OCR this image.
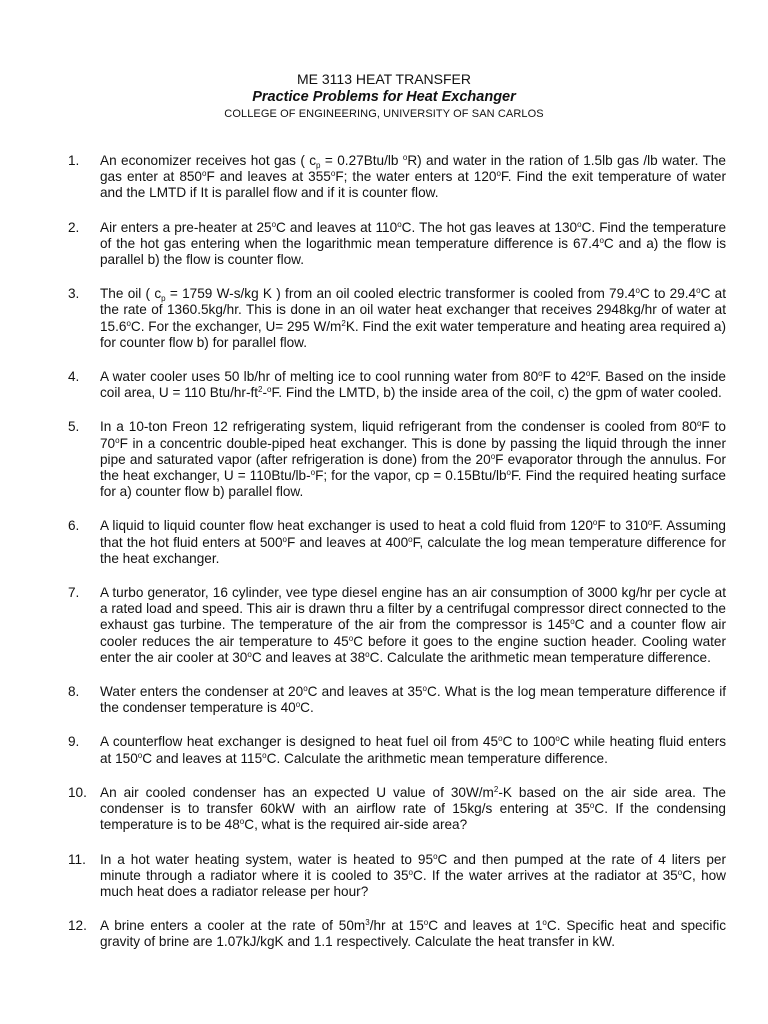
ME 3113 HEAT TRANSFER
Practice Problems for Heat Exchanger
COLLEGE OF ENGINEERING, UNIVERSITY OF SAN CARLOS
1.	An economizer receives hot gas ( $c_p = 0.27Btu/lb$ $^o$R) and water in the ration of 1.5lb gas /lb water. The gas enter at 850$^o$F and leaves at 355$^o$F; the water enters at 120$^o$F. Find the exit temperature of water and the LMTD if It is parallel flow and if it is counter flow.

2.	Air enters a pre-heater at 25$^o$C and leaves at 110$^o$C. The hot gas leaves at 130$^o$C. Find the temperature of the hot gas entering when the logarithmic mean temperature difference is 67.4$^o$C and a) the flow is parallel b) the flow is counter flow.

3.	The oil ( $c_p = 1759$ W-s/kg K ) from an oil cooled electric transformer is cooled from 79.4$^o$C to 29.4$^o$C at the rate of 1360.5kg/hr. This is done in an oil water heat exchanger that receives 2948kg/hr of water at 15.6$^o$C. For the exchanger, U= 295 $W/m^2K$. Find the exit water temperature and heating area required a) for counter flow b) for parallel flow.

4.	A water cooler uses 50 lb/hr of melting ice to cool running water from 80$^o$F to 42$^o$F. Based on the inside coil area, U = 110 Btu/$hr-ft^2-^oF$. Find the LMTD, b) the inside area of the coil, c) the gpm of water cooled.

5.	In a 10-ton Freon 12 refrigerating system, liquid refrigerant from the condenser is cooled from 80$^o$F to 70$^o$F in a concentric double-piped heat exchanger. This is done by passing the liquid through the inner pipe and saturated vapor (after refrigeration is done) from the 20$^o$F evaporator through the annulus. For the heat exchanger, U = 110Btu/lb-$^o$F; for the vapor, cp = $0.15Btu/lb^oF$. Find the required heating surface for a) counter flow b) parallel flow.

6.	A liquid to liquid counter flow heat exchanger is used to heat a cold fluid from 120$^o$F to 310$^o$F. Assuming that the hot fluid enters at 500$^o$F and leaves at 400$^o$F, calculate the log mean temperature difference for the heat exchanger.

7.	A turbo generator, 16 cylinder, vee type diesel engine has an air consumption of 3000 kg/hr per cycle at a rated load and speed. This air is drawn thru a filter by a centrifugal compressor direct connected to the exhaust gas turbine. The temperature of the air from the compressor is 145$^o$C and a counter flow air cooler reduces the air temperature to 45$^o$C before it goes to the engine suction header. Cooling water enter the air cooler at 30$^o$C and leaves at 38$^o$C. Calculate the arithmetic mean temperature difference.

8.	Water enters the condenser at 20$^o$C and leaves at 35$^o$C. What is the log mean temperature difference if the condenser temperature is 40$^o$C.

9.	A counterflow heat exchanger is designed to heat fuel oil from 45$^o$C to 100$^o$C while heating fluid enters at 150$^o$C and leaves at 115$^o$C. Calculate the arithmetic mean temperature difference.

10. An air cooled condenser has an expected U value of $30W/m^2-K$ based on the air side area. The condenser is to transfer 60kW with an airflow rate of 15kg/s entering at 35$^o$C. If the condensing temperature is to be 48$^o$C, what is the required air-side area?

11.	In a hot water heating system, water is heated to 95$^o$C and then pumped at the rate of 4 liters per minute through a radiator where it is cooled to 35$^o$C. If the water arrives at the radiator at 35$^o$C, how much heat does a radiator release per hour?

12. A brine enters a cooler at the rate of $50m^3/hr$ at 15$^o$C and leaves at 1$^o$C. Specific heat and specific gravity of brine are 1.07kJ/kgK and 1.1 respectively. Calculate the heat transfer in kW.
